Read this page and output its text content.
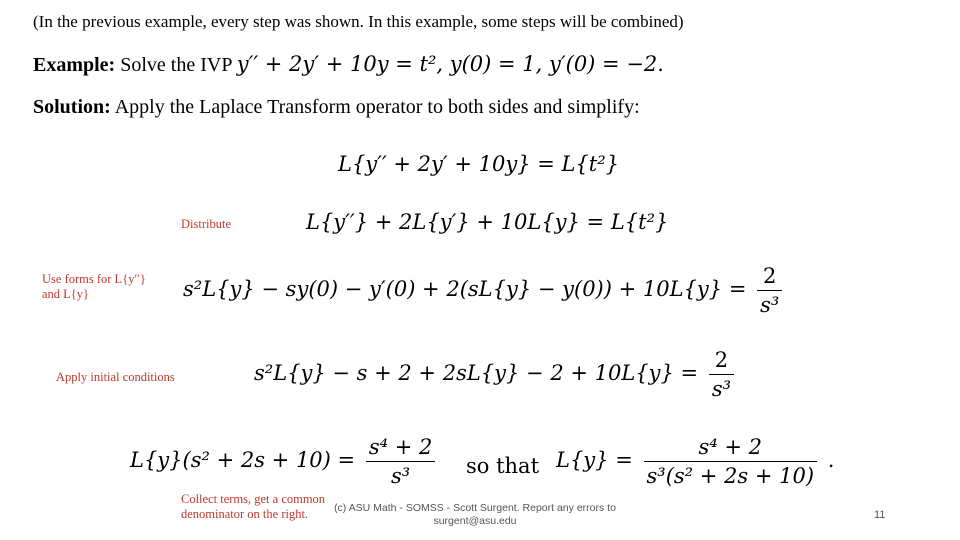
(In the previous example, every step was shown. In this example, some steps will be combined)
Example: Solve the IVP y′′ + 2y′ + 10y = t², y(0) = 1, y′(0) = −2.
Solution: Apply the Laplace Transform operator to both sides and simplify:
L{y′′ + 2y′ + 10y} = L{t²}
Distribute	L{y′′} + 2L{y′} + 10L{y} = L{t²}
Use forms for L{y′′}
and L{y}	$s^2L\{y\} - sy(0) - y'(0) + 2(sL\{y\} - y(0)) + 10L\{y\} = \frac{2}{\text{s³}}$
Apply initial conditions	$s^2L\{y\} - s + 2 + 2sL\{y\} - 2 + 10L\{y\} = \frac{2}{\text{s³}}$
$L\{y\}(s^2 + 2s + 10) = \frac{\text{s⁴ + 2}}{\text{s³}}$ so that $L\{y\} = \frac{\text{s⁴ + 2}}{\text{s³(s² + 2s + 10)}}$ .
Collect terms, get a common
denominator on the right.	(c) ASU Math - SOMSS - Scott Surgent. Report any errors to
surgent@asu.edu	11
